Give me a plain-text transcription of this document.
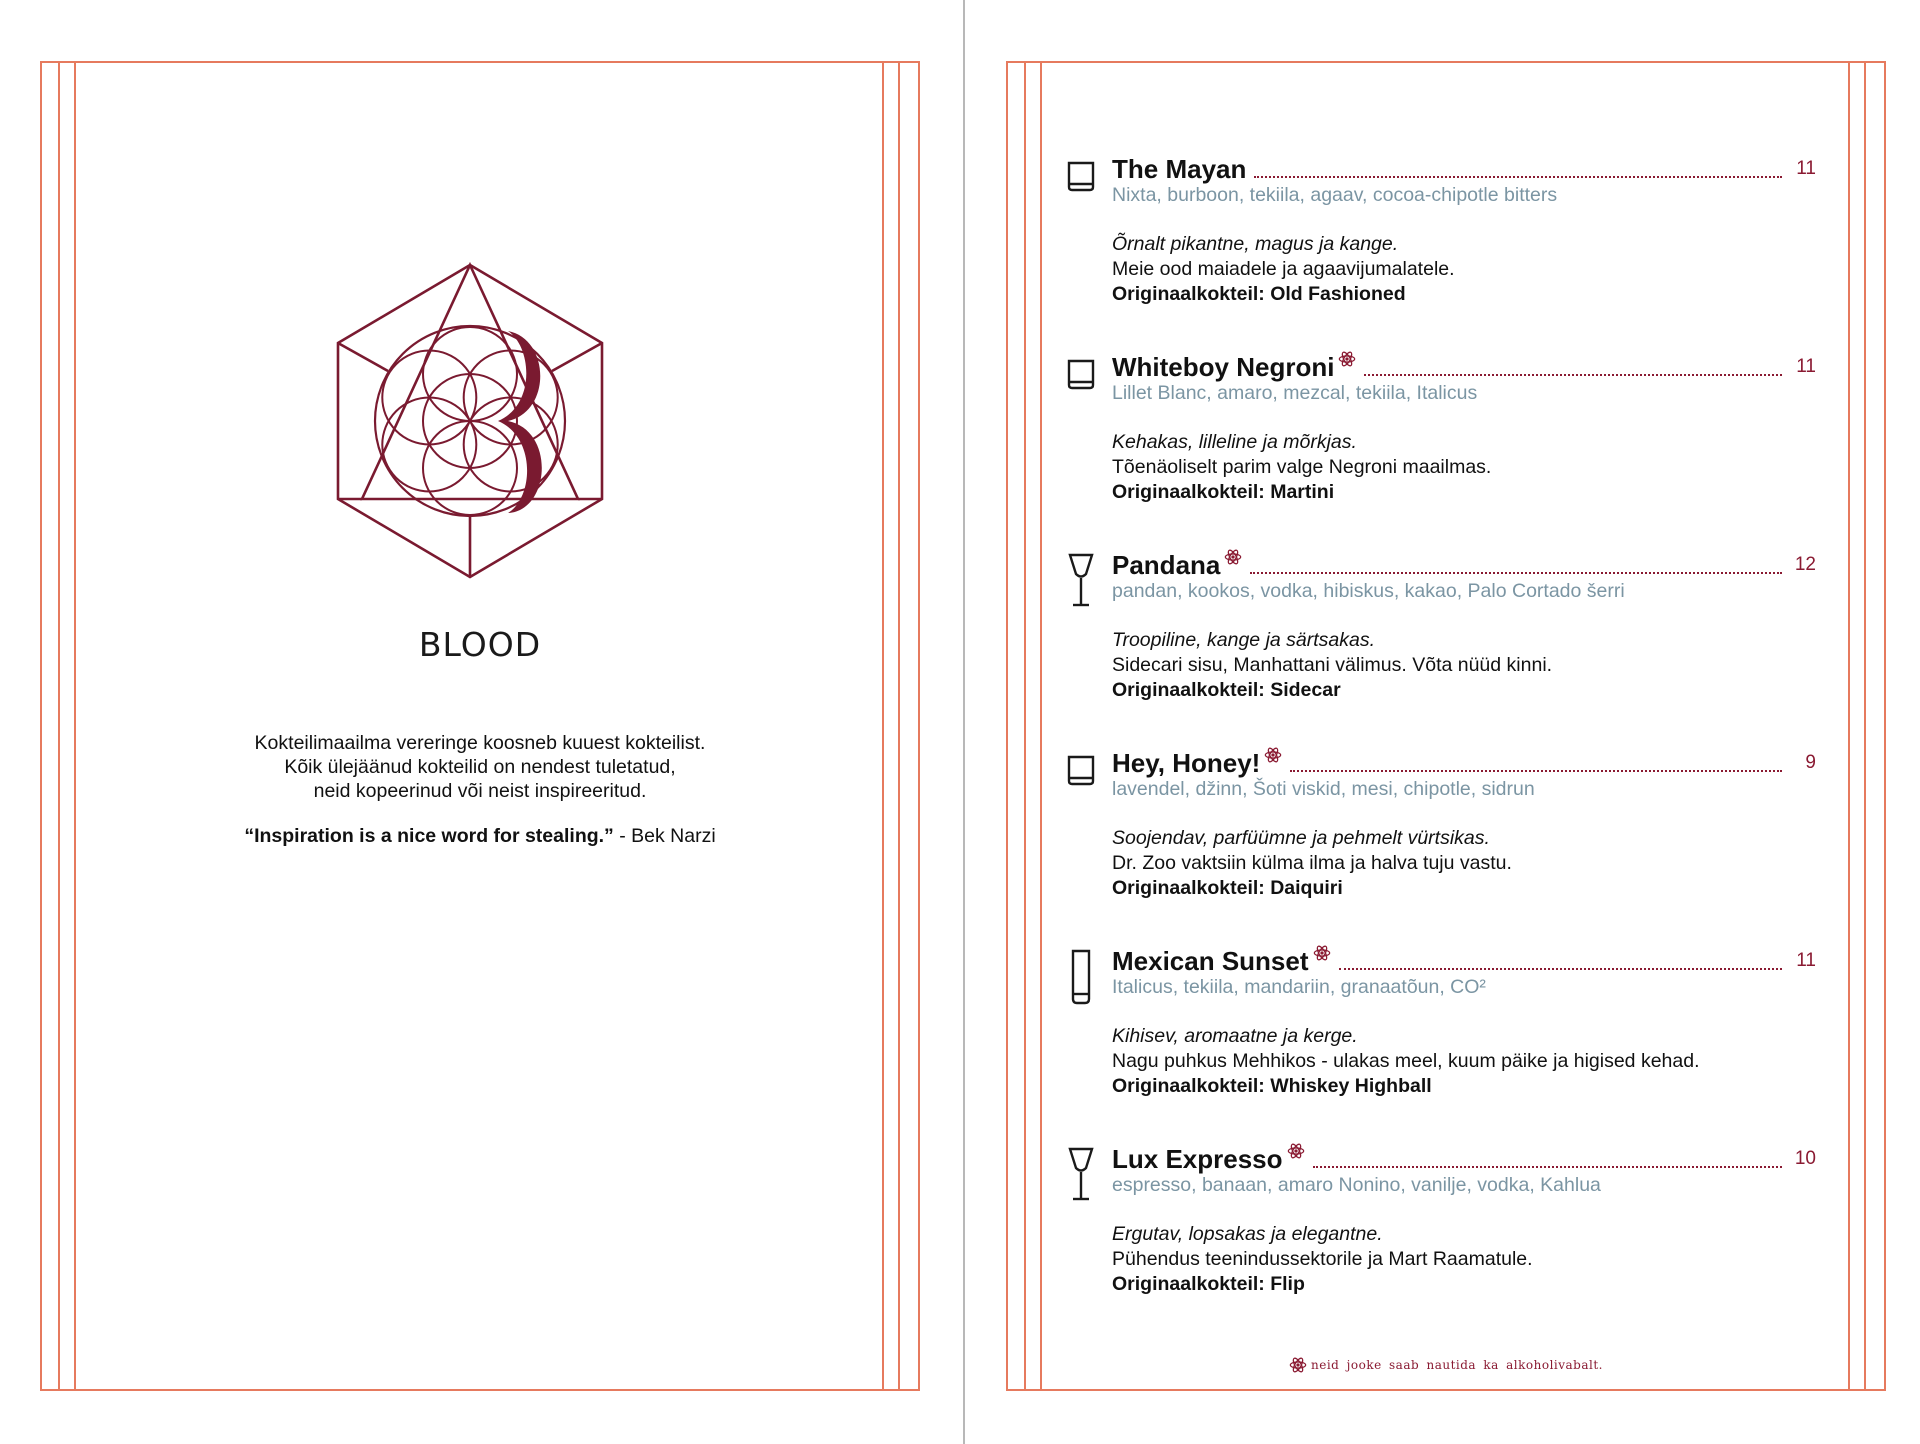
BLOOD
Kokteilimaailma vereringe koosneb kuuest kokteilist.
Kõik ülejäänud kokteilid on nendest tuletatud,
neid kopeerinud või neist inspireeritud.
“Inspiration is a nice word for stealing.” - Bek Narzi
The Mayan	11
Nixta, burboon, tekiila, agaav, cocoa-chipotle bitters
Õrnalt pikantne, magus ja kange.
Meie ood maiadele ja agaavijumalatele.
Originaalkokteil: Old Fashioned
Whiteboy Negroni	11
Lillet Blanc, amaro, mezcal, tekiila, Italicus
Kehakas, lilleline ja mõrkjas.
Tõenäoliselt parim valge Negroni maailmas.
Originaalkokteil: Martini
Pandana	12
pandan, kookos, vodka, hibiskus, kakao, Palo Cortado šerri
Troopiline, kange ja särtsakas.
Sidecari sisu, Manhattani välimus. Võta nüüd kinni.
Originaalkokteil: Sidecar
Hey, Honey!	9
lavendel, džinn, Šoti viskid, mesi, chipotle, sidrun
Soojendav, parfüümne ja pehmelt vürtsikas.
Dr. Zoo vaktsiin külma ilma ja halva tuju vastu.
Originaalkokteil: Daiquiri
Mexican Sunset	11
Italicus, tekiila, mandariin, granaatõun, CO²
Kihisev, aromaatne ja kerge.
Nagu puhkus Mehhikos - ulakas meel, kuum päike ja higised kehad.
Originaalkokteil: Whiskey Highball
Lux Expresso	10
espresso, banaan, amaro Nonino, vanilje, vodka, Kahlua
Ergutav, lopsakas ja elegantne.
Pühendus teenindussektorile ja Mart Raamatule.
Originaalkokteil: Flip
neid jooke saab nautida ka alkoholivabalt.
